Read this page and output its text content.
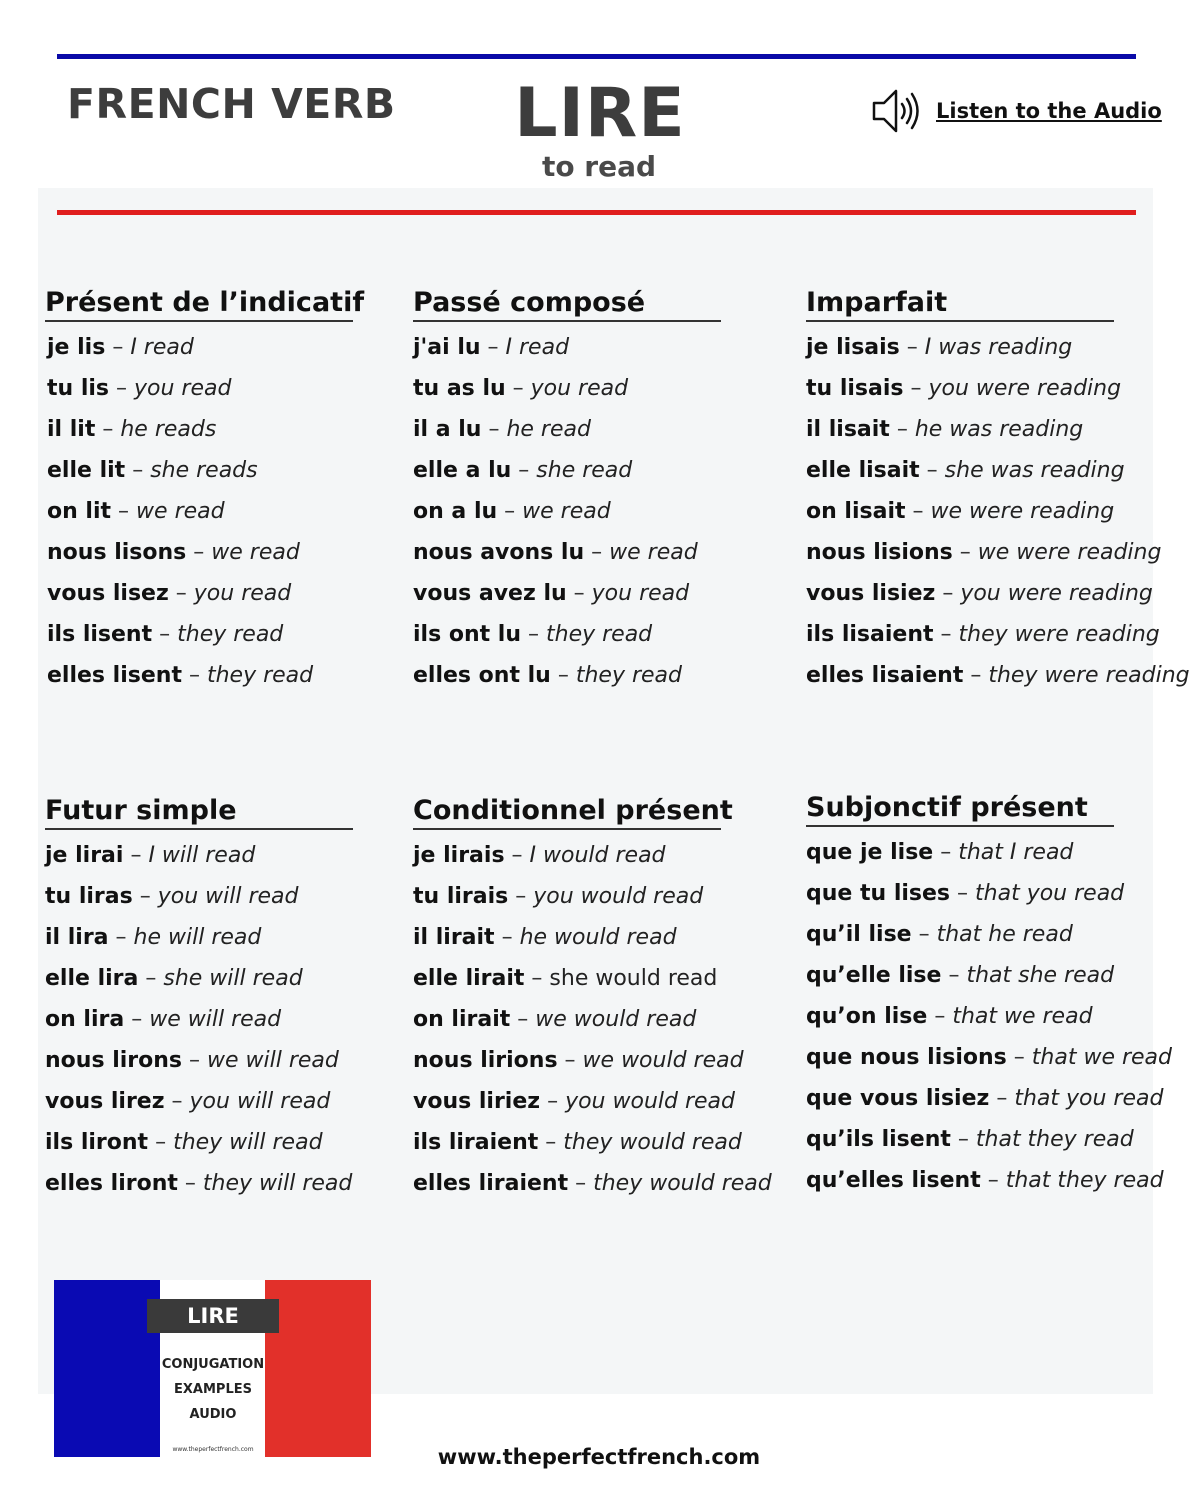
FRENCH VERB	LIRE
to read
Listen to the Audio
Présent de l’indicatif
je lis – I read
tu lis – you read
il lit – he reads
elle lit – she reads
on lit – we read
nous lisons – we read
vous lisez – you read
ils lisent – they read
elles lisent – they read
Passé composé
j'ai lu – I read
tu as lu – you read
il a lu – he read
elle a lu – she read
on a lu – we read
nous avons lu – we read
vous avez lu – you read
ils ont lu – they read
elles ont lu – they read
Imparfait
je lisais – I was reading
tu lisais – you were reading
il lisait – he was reading
elle lisait – she was reading
on lisait – we were reading
nous lisions – we were reading
vous lisiez – you were reading
ils lisaient – they were reading
elles lisaient – they were reading
Futur simple
je lirai – I will read
tu liras – you will read
il lira – he will read
elle lira – she will read
on lira – we will read
nous lirons – we will read
vous lirez – you will read
ils liront – they will read
elles liront – they will read
Conditionnel présent
je lirais – I would read
tu lirais – you would read
il lirait – he would read
elle lirait – she would read
on lirait – we would read
nous lirions – we would read
vous liriez – you would read
ils liraient – they would read
elles liraient – they would read
Subjonctif présent
que je lise – that I read
que tu lises – that you read
qu’il lise – that he read
qu’elle lise – that she read
qu’on lise – that we read
que nous lisions – that we read
que vous lisiez – that you read
qu’ils lisent – that they read
qu’elles lisent – that they read
LIRE
CONJUGATION
EXAMPLES
AUDIO
www.theperfectfrench.com	www.theperfectfrench.com
